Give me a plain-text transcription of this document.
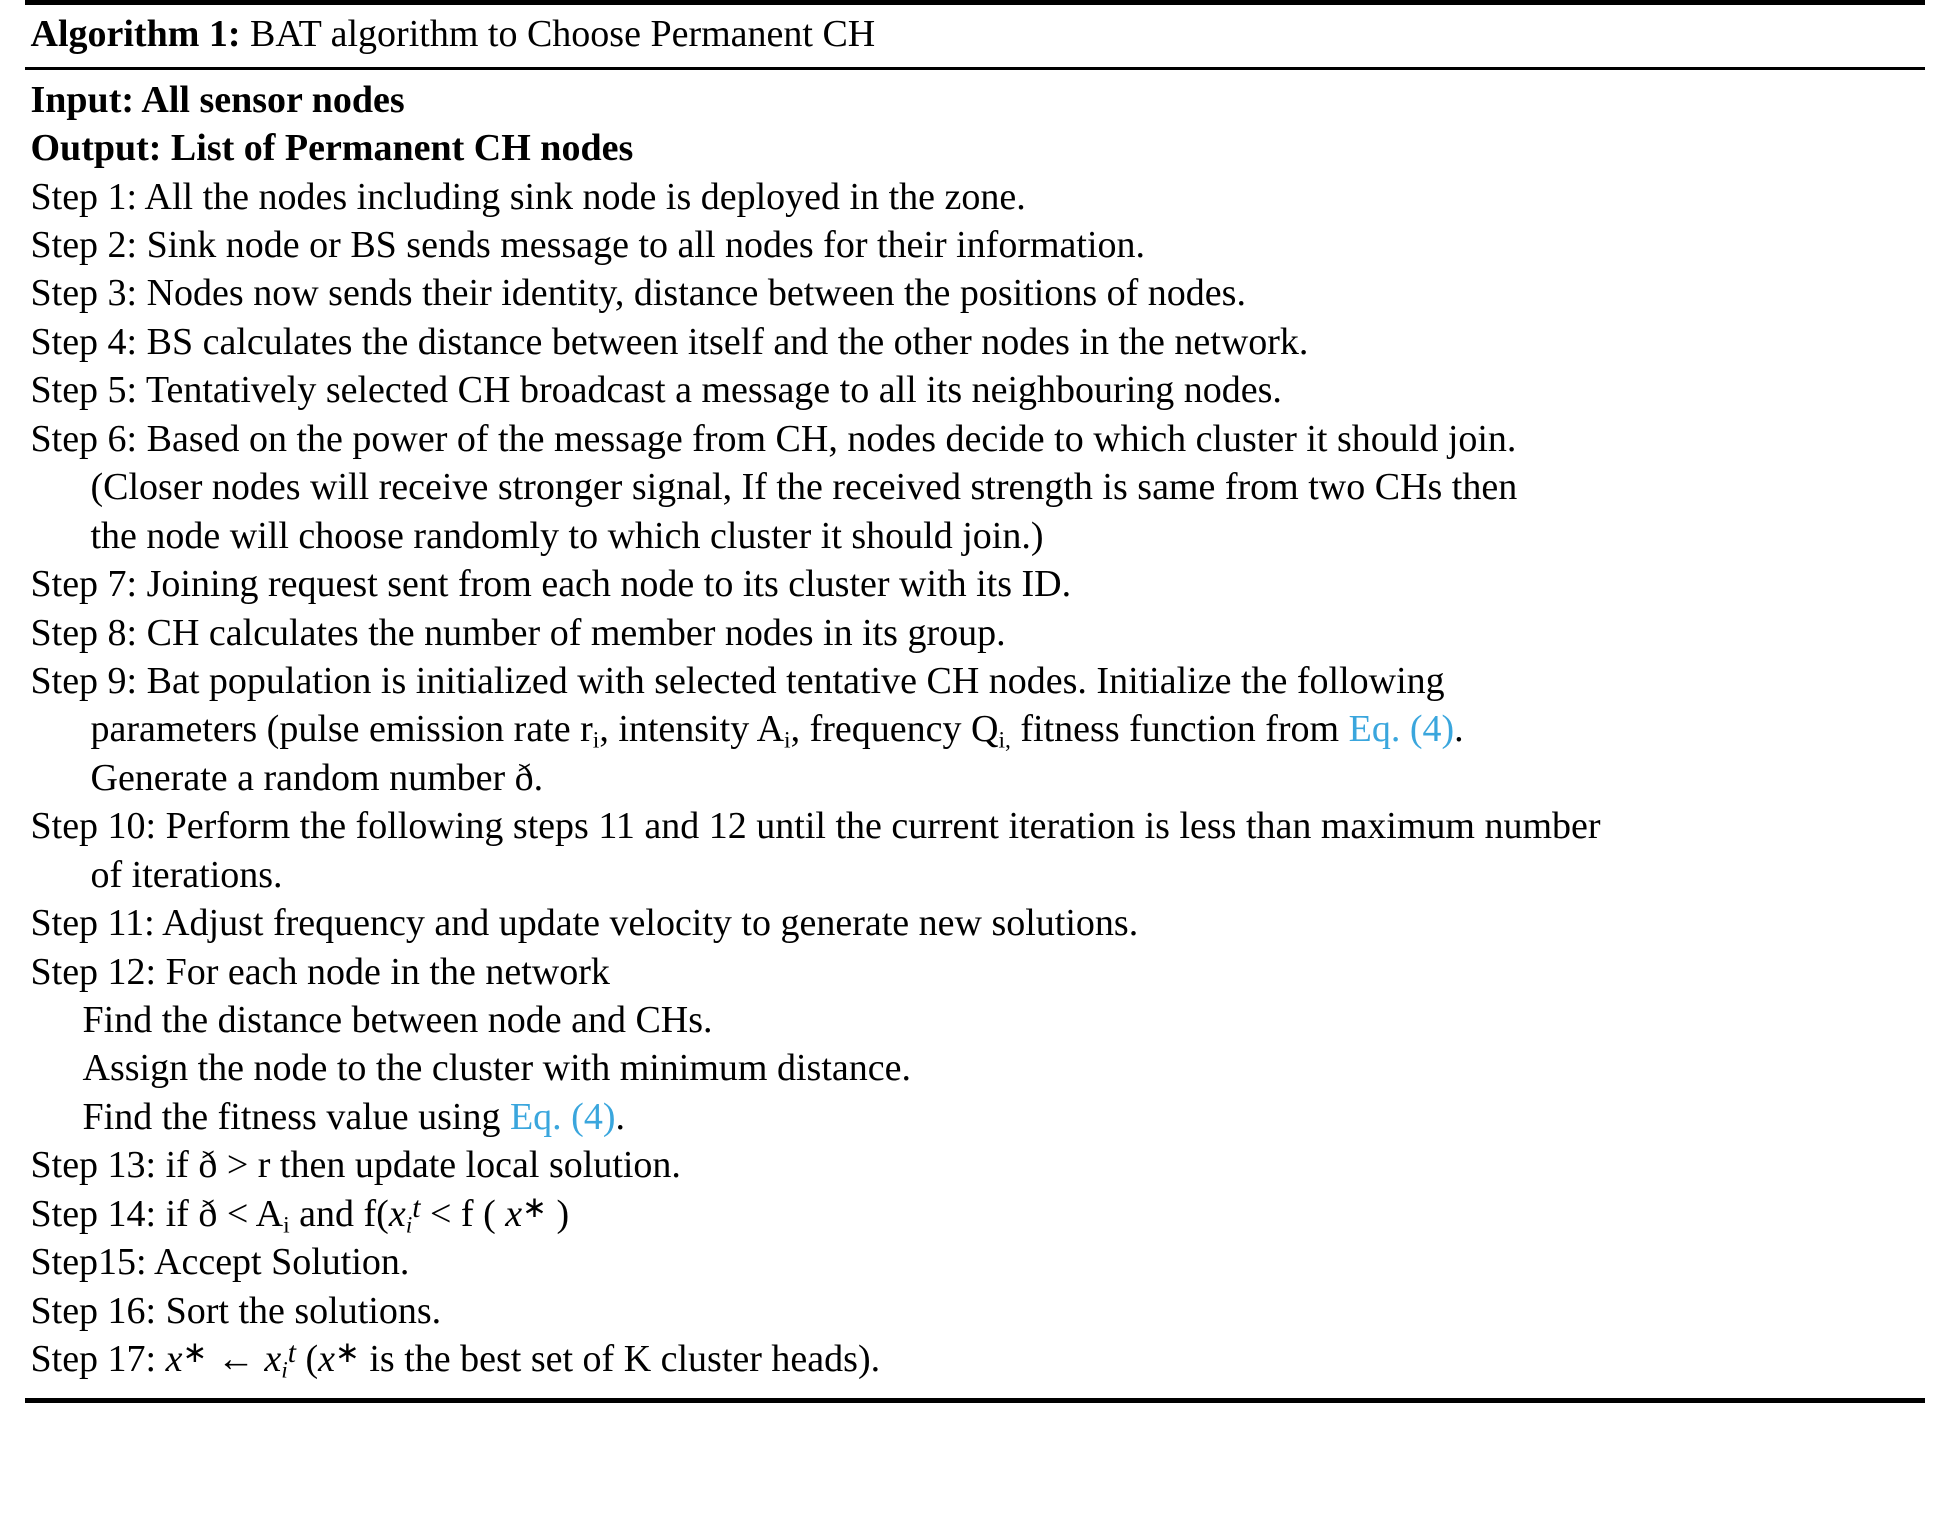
Algorithm 1: BAT algorithm to Choose Permanent CH

Input: All sensor nodes

Output: List of Permanent CH nodes

Step 1: All the nodes including sink node is deployed in the zone.

Step 2: Sink node or BS sends message to all nodes for their information.

Step 3: Nodes now sends their identity, distance between the positions of nodes.

Step 4: BS calculates the distance between itself and the other nodes in the network.

Step 5: Tentatively selected CH broadcast a message to all its neighbouring nodes.

Step 6: Based on the power of the message from CH, nodes decide to which cluster it should join.

(Closer nodes will receive stronger signal, If the received strength is same from two CHs then

the node will choose randomly to which cluster it should join.)

Step 7: Joining request sent from each node to its cluster with its ID.

Step 8: CH calculates the number of member nodes in its group.

Step 9: Bat population is initialized with selected tentative CH nodes. Initialize the following

parameters (pulse emission rate $r_i$, intensity $A_i$, frequency $Q_{i,}$ fitness function from Eq. (4).

Generate a random number ð.

Step 10: Perform the following steps 11 and 12 until the current iteration is less than maximum number

of iterations.

Step 11: Adjust frequency and update velocity to generate new solutions.

Step 12: For each node in the network

Find the distance between node and CHs.

Assign the node to the cluster with minimum distance.

Find the fitness value using Eq. (4).

Step 13: if ð > r then update local solution.

Step 14: if ð < $A_i$ and $f(x_i^t < f$ ( x∗ )

Step15: Accept Solution.

Step 16: Sort the solutions.

Step 17: x∗ ← $x_i^t$ (x∗ is the best set of K cluster heads).
